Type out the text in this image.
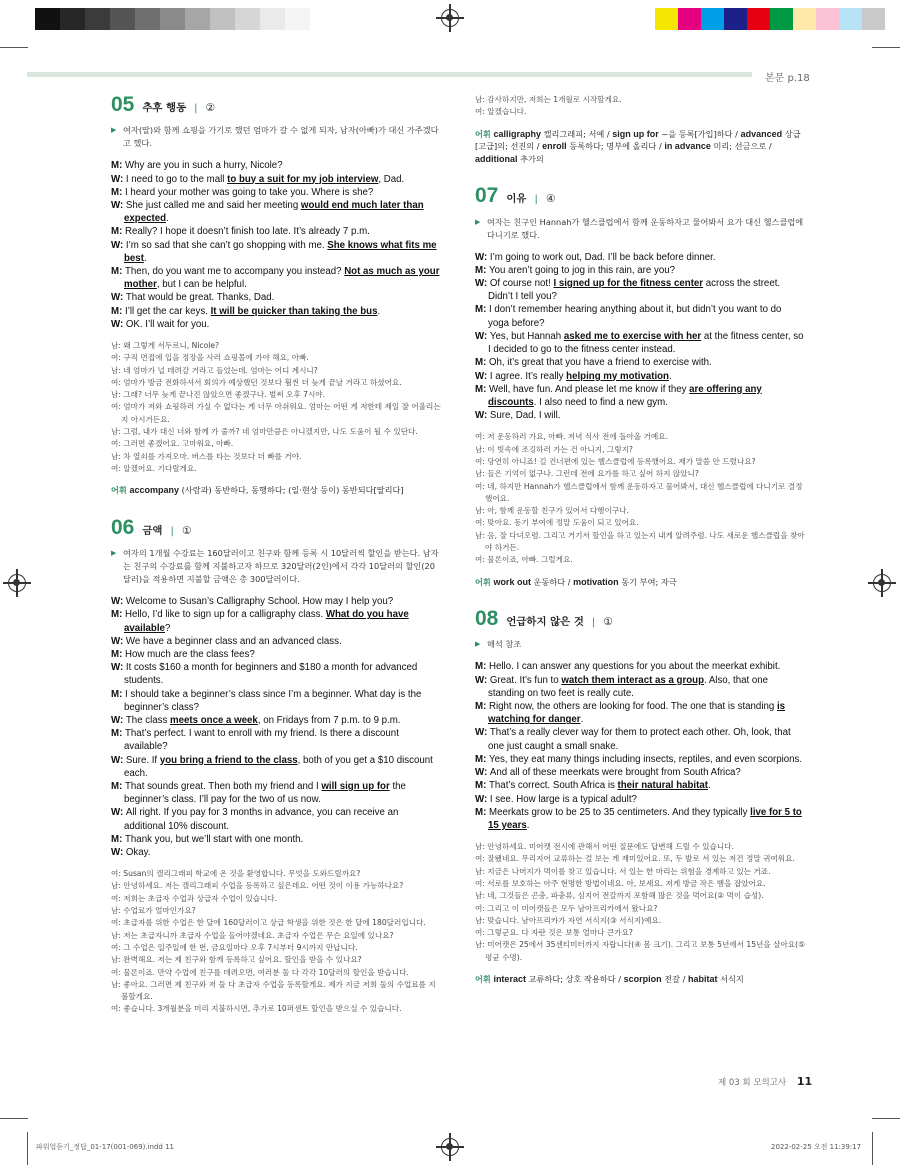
본문 p.18
05 추후 행동 | ②
▶ 여자(딸)와 함께 쇼핑을 가기로 했던 엄마가 갈 수 없게 되자, 남자(아빠)가 대신 가주겠다고 했다.
M: Why are you in such a hurry, Nicole?
W: I need to go to the mall to buy a suit for my job interview, Dad.
M: I heard your mother was going to take you. Where is she?
W: She just called me and said her meeting would end much later than expected.
M: Really? I hope it doesn’t finish too late. It’s already 7 p.m.
W: I’m so sad that she can’t go shopping with me. She knows what fits me best.
M: Then, do you want me to accompany you instead? Not as much as your mother, but I can be helpful.
W: That would be great. Thanks, Dad.
M: I’ll get the car keys. It will be quicker than taking the bus.
W: OK. I’ll wait for you.
남: 왜 그렇게 서두르니, Nicole?
여: 구직 면접에 입을 정장을 사러 쇼핑몰에 가야 해요, 아빠.
남: 네 엄마가 널 데려갈 거라고 들었는데. 엄마는 어디 계시니?
여: 엄마가 방금 전화하셔서 회의가 예상했던 것보다 훨씬 더 늦게 끝날 거라고 하셨어요.
남: 그래? 너무 늦게 끝나진 않았으면 좋겠구나. 벌써 오후 7시야.
여: 엄마가 저와 쇼핑하러 가실 수 없다는 게 너무 아쉬워요. 엄마는 어떤 게 저한테 제일 잘 어울리는지 아시거든요.
남: 그럼, 내가 대신 너와 함께 가 줄까? 네 엄마만큼은 아니겠지만, 나도 도움이 될 수 있단다.
여: 그러면 좋겠어요. 고마워요, 아빠.
남: 차 열쇠를 가져오마. 버스를 타는 것보다 더 빠를 거야.
여: 알겠어요. 기다릴게요.
어휘 accompany (사람과) 동반하다, 동행하다; (일·현상 등이) 동반되다[딸리다]
06 금액 | ①
▶ 여자의 1개월 수강료는 160달러이고 친구와 함께 등록 시 10달러씩 할인을 받는다. 남자는 친구의 수강료를 함께 지불하고자 하므로 320달러(2인)에서 각각 10달러의 할인(20달러)을 적용하면 지불할 금액은 총 300달러이다.
W: Welcome to Susan’s Calligraphy School. How may I help you?
M: Hello, I’d like to sign up for a calligraphy class. What do you have available?
W: We have a beginner class and an advanced class.
M: How much are the class fees?
W: It costs $160 a month for beginners and $180 a month for advanced students.
M: I should take a beginner’s class since I’m a beginner. What day is the beginner’s class?
W: The class meets once a week, on Fridays from 7 p.m. to 9 p.m.
M: That’s perfect. I want to enroll with my friend. Is there a discount available?
W: Sure. If you bring a friend to the class, both of you get a $10 discount each.
M: That sounds great. Then both my friend and I will sign up for the beginner’s class. I’ll pay for the two of us now.
W: All right. If you pay for 3 months in advance, you can receive an additional 10% discount.
M: Thank you, but we’ll start with one month.
W: Okay.
여: Susan의 캘리그래피 학교에 온 것을 환영합니다. 무엇을 도와드릴까요?
남: 안녕하세요. 저는 캘리그래피 수업을 등록하고 싶은데요. 어떤 것이 이용 가능하나요?
여: 저희는 초급자 수업과 상급자 수업이 있습니다.
남: 수업료가 얼마인가요?
여: 초급자를 위한 수업은 한 달에 160달러이고 상급 학생을 위한 것은 한 달에 180달러입니다.
남: 저는 초급자니까 초급자 수업을 들어야겠네요. 초급자 수업은 무슨 요일에 있나요?
여: 그 수업은 일주일에 한 번, 금요일마다 오후 7시부터 9시까지 만납니다.
남: 완벽해요. 저는 제 친구와 함께 등록하고 싶어요. 할인을 받을 수 있나요?
여: 물론이죠. 만약 수업에 친구를 데려오면, 여러분 둘 다 각각 10달러의 할인을 받습니다.
남: 좋아요. 그러면 제 친구와 저 둘 다 초급자 수업을 등록할게요. 제가 지금 저희 둘의 수업료를 지불할게요.
여: 좋습니다. 3개월분을 미리 지불하시면, 추가로 10퍼센트 할인을 받으실 수 있습니다.
남: 감사하지만, 저희는 1개월로 시작할게요.
여: 알겠습니다.
어휘 calligraphy 캘리그래피; 서예 / sign up for ~을 등록[가입]하다 / advanced 상급[고급]의; 선진의 / enroll 등록하다; 명부에 올리다 / in advance 미리; 선금으로 / additional 추가의
07 이유 | ④
▶ 여자는 친구인 Hannah가 헬스클럽에서 함께 운동하자고 물어봐서 요가 대신 헬스클럽에 다니기로 했다.
W: I’m going to work out, Dad. I’ll be back before dinner.
M: You aren’t going to jog in this rain, are you?
W: Of course not! I signed up for the fitness center across the street. Didn’t I tell you?
M: I don’t remember hearing anything about it, but didn’t you want to do yoga before?
W: Yes, but Hannah asked me to exercise with her at the fitness center, so I decided to go to the fitness center instead.
M: Oh, it’s great that you have a friend to exercise with.
W: I agree. It’s really helping my motivation.
M: Well, have fun. And please let me know if they are offering any discounts. I also need to find a new gym.
W: Sure, Dad. I will.
여: 저 운동하러 가요, 아빠. 저녁 식사 전에 돌아올 거예요.
남: 이 빗속에 조깅하러 가는 건 아니지, 그렇지?
여: 당연히 아니죠! 길 건너편에 있는 헬스클럽에 등록했어요. 제가 말씀 안 드렸나요?
남: 들은 기억이 없구나. 그런데 전에 요가를 하고 싶어 하지 않았니?
여: 네, 하지만 Hannah가 헬스클럽에서 함께 운동하자고 물어봐서, 대신 헬스클럽에 다니기로 결정했어요.
남: 아, 함께 운동할 친구가 있어서 다행이구나.
여: 맞아요. 동기 부여에 정말 도움이 되고 있어요.
남: 음, 잘 다녀오렴. 그리고 거기서 할인을 하고 있는지 내게 알려주렴. 나도 새로운 헬스클럽을 찾아야 하거든.
여: 물론이죠, 아빠. 그럴게요.
어휘 work out 운동하다 / motivation 동기 부여; 자극
08 언급하지 않은 것 | ①
▶ 해석 참조
M: Hello. I can answer any questions for you about the meerkat exhibit.
W: Great. It’s fun to watch them interact as a group. Also, that one standing on two feet is really cute.
M: Right now, the others are looking for food. The one that is standing is watching for danger.
W: That’s a really clever way for them to protect each other. Oh, look, that one just caught a small snake.
M: Yes, they eat many things including insects, reptiles, and even scorpions.
W: And all of these meerkats were brought from South Africa?
M: That’s correct. South Africa is their natural habitat.
W: I see. How large is a typical adult?
M: Meerkats grow to be 25 to 35 centimeters. And they typically live for 5 to 15 years.
남: 안녕하세요. 미어캣 전시에 관해서 어떤 질문에도 답변해 드릴 수 있습니다.
여: 잘됐네요. 무리지어 교류하는 걸 보는 게 재미있어요. 또, 두 발로 서 있는 저건 정말 귀여워요.
남: 지금은 나머지가 먹이를 찾고 있습니다. 서 있는 한 마리는 위험을 경계하고 있는 거죠.
여: 서로를 보호하는 아주 현명한 방법이네요. 아, 보세요. 저게 방금 작은 뱀을 잡았어요.
남: 네, 그것들은 곤충, 파충류, 심지어 전갈까지 포함해 많은 것을 먹어요(② 먹이 습성).
여: 그리고 이 미어캣들은 모두 남아프리카에서 왔나요?
남: 맞습니다. 남아프리카가 자연 서식지(③ 서식지)예요.
여: 그렇군요. 다 자란 것은 보통 얼마나 큰가요?
남: 미어캣은 25에서 35센티미터까지 자랍니다(④ 몸 크기). 그리고 보통 5년에서 15년을 살아요(⑤ 평균 수명).
어휘 interact 교류하다; 상호 작용하다 / scorpion 전갈 / habitat 서식지
제 03 회 모의고사 11
파워업듣기_정답_01-17(001-069).indd 11	2022-02-25 오전 11:39:17
